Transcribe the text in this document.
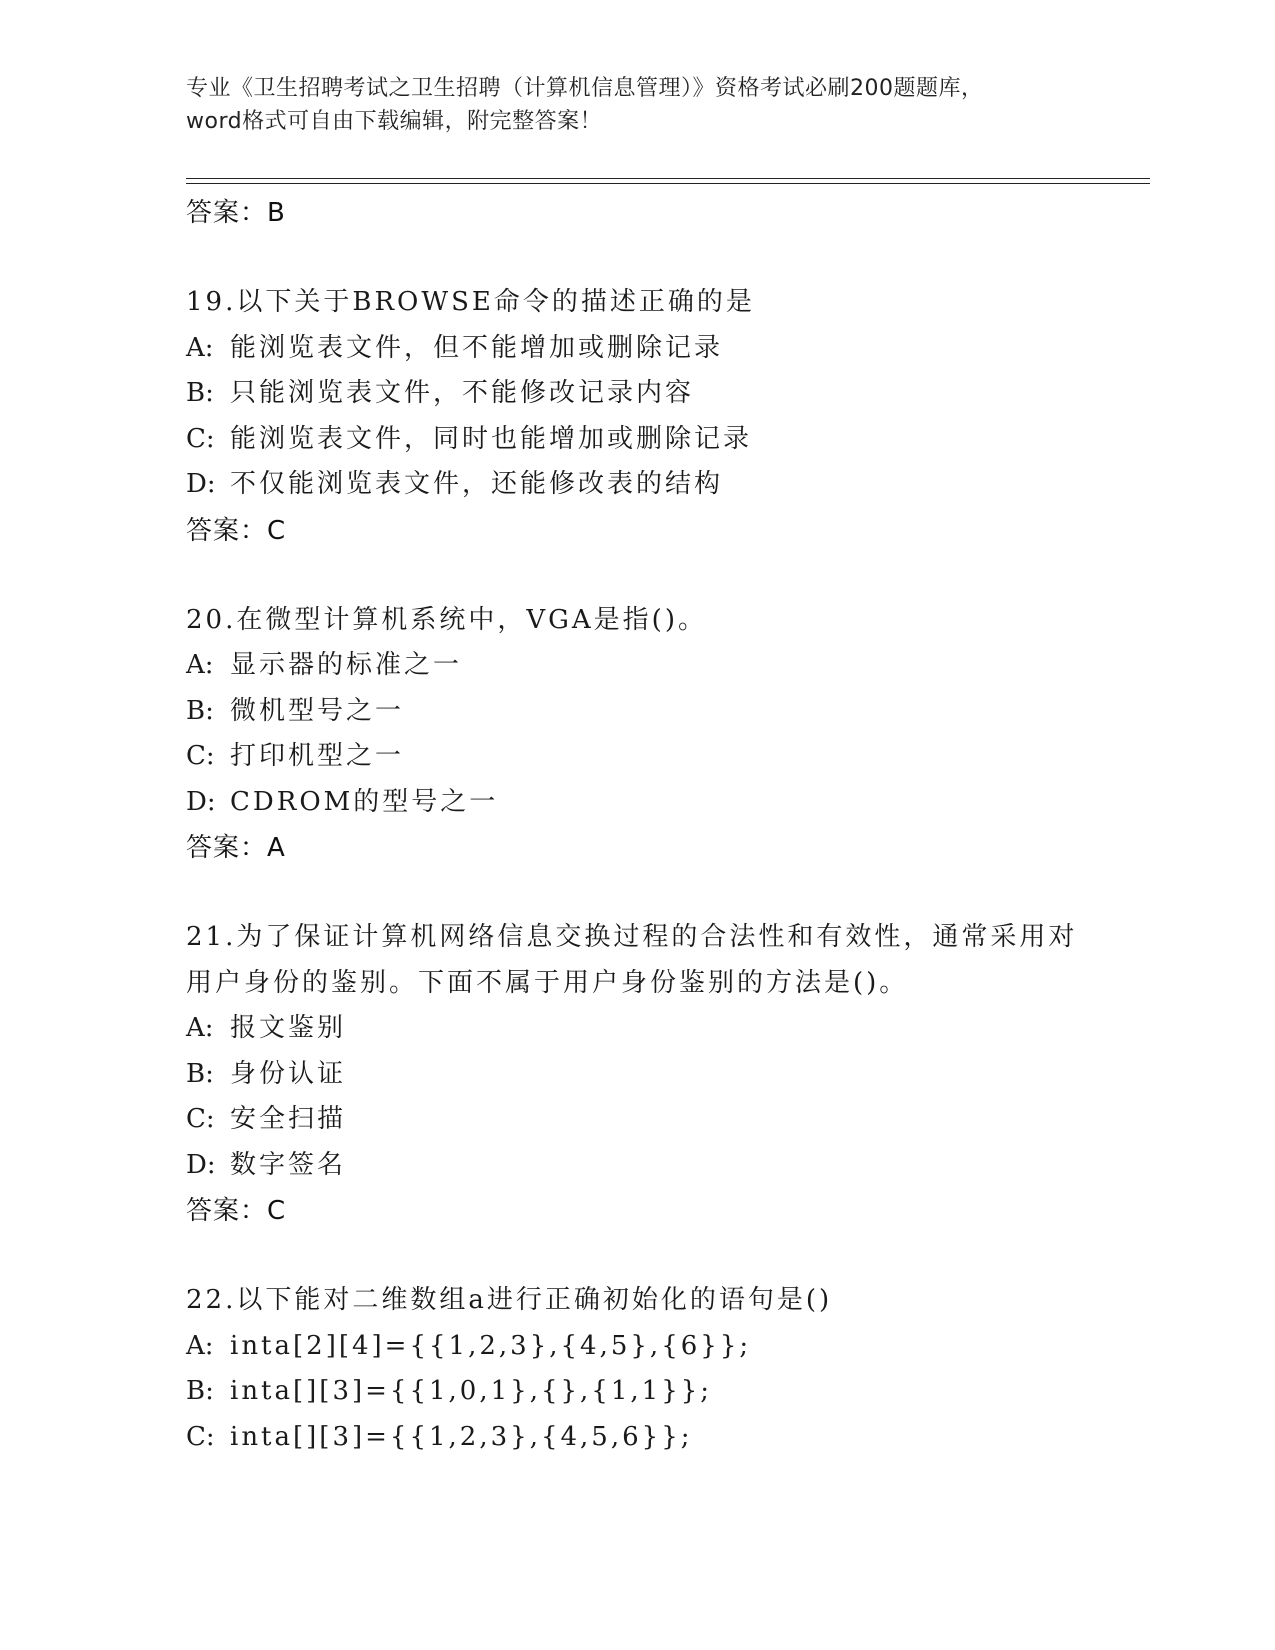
专业《卫生招聘考试之卫生招聘（计算机信息管理）》资格考试必刷200题题库，
word格式可自由下载编辑，附完整答案！
答案：B
19.以下关于BROWSE命令的描述正确的是
A: 能浏览表文件，但不能增加或删除记录
B: 只能浏览表文件，不能修改记录内容
C: 能浏览表文件，同时也能增加或删除记录
D: 不仅能浏览表文件，还能修改表的结构
答案：C
20.在微型计算机系统中，VGA是指()。
A: 显示器的标准之一
B: 微机型号之一
C: 打印机型之一
D: CDROM的型号之一
答案：A
21.为了保证计算机网络信息交换过程的合法性和有效性，通常采用对用户身份的鉴别。下面不属于用户身份鉴别的方法是()。
A: 报文鉴别
B: 身份认证
C: 安全扫描
D: 数字签名
答案：C
22.以下能对二维数组a进行正确初始化的语句是()
A: inta[2][4]={{1,2,3},{4,5},{6}};
B: inta[][3]={{1,0,1},{},{1,1}};
C: inta[][3]={{1,2,3},{4,5,6}};
